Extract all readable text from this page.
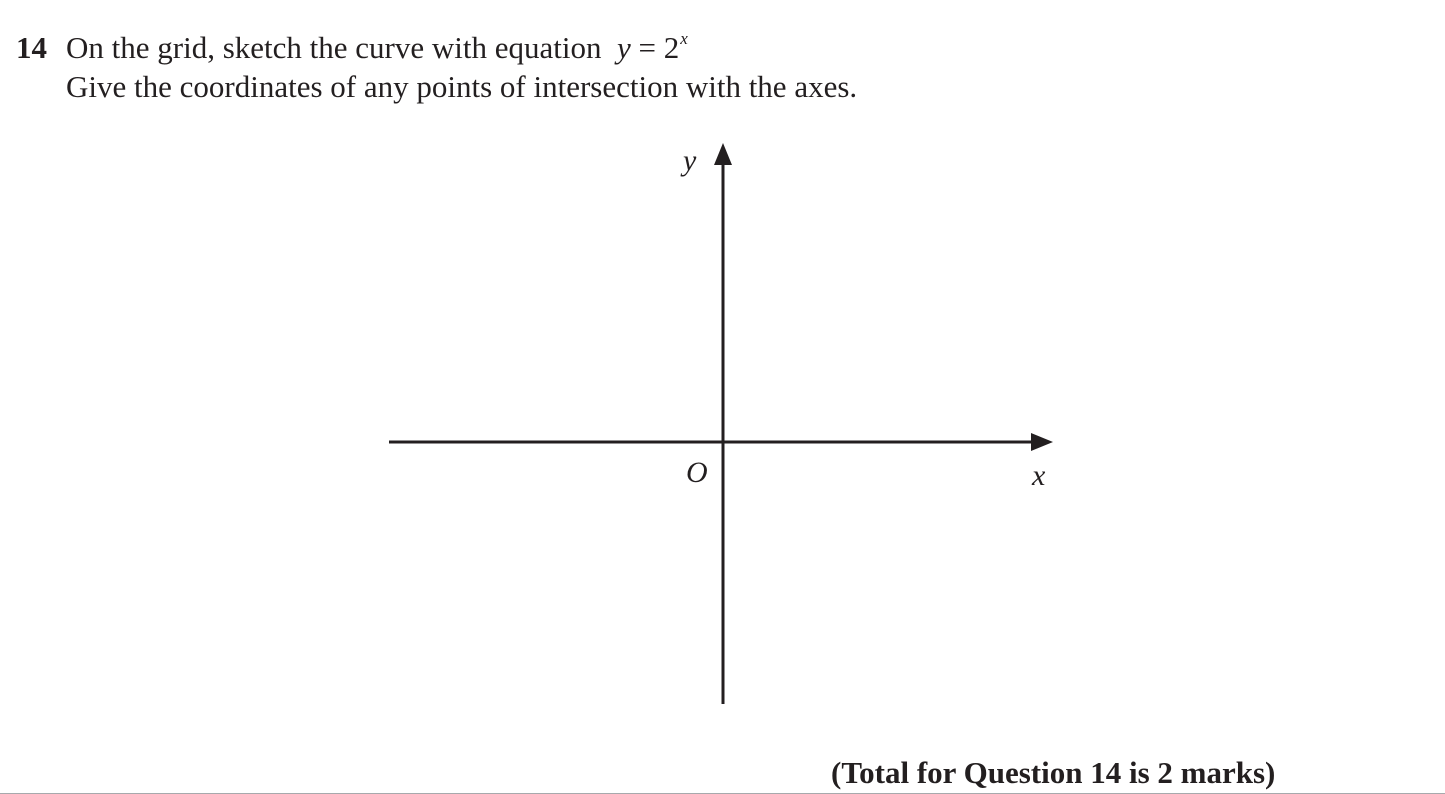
14 On the grid, sketch the curve with equation $y = 2^x$
Give the coordinates of any points of intersection with the axes.
y
x
O
(Total for Question 14 is 2 marks)
